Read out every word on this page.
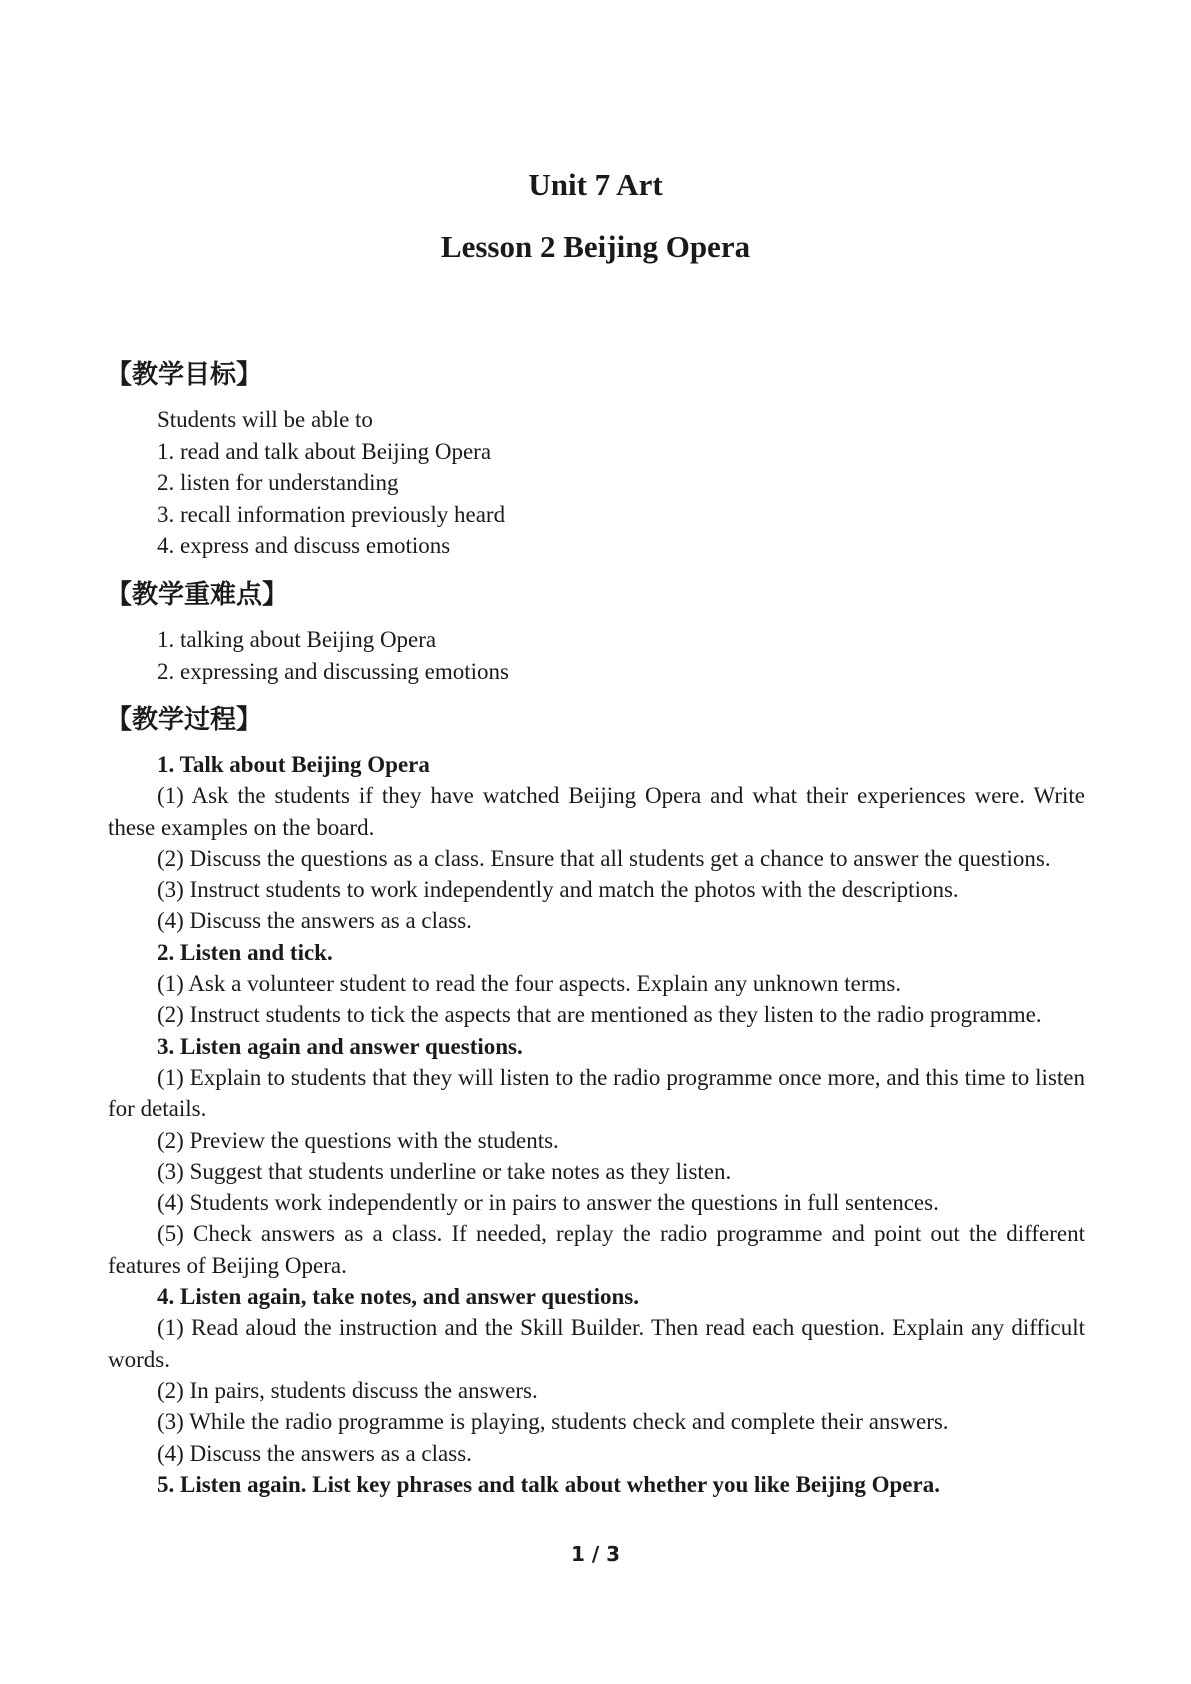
Unit 7 Art
Lesson 2 Beijing Opera
【教学目标】
Students will be able to
1. read and talk about Beijing Opera
2. listen for understanding
3. recall information previously heard
4. express and discuss emotions
【教学重难点】
1. talking about Beijing Opera
2. expressing and discussing emotions
【教学过程】

1. Talk about Beijing Opera

(1) Ask the students if they have watched Beijing Opera and what their experiences were. Write these examples on the board.

(2) Discuss the questions as a class. Ensure that all students get a chance to answer the questions.

(3) Instruct students to work independently and match the photos with the descriptions.

(4) Discuss the answers as a class.

2. Listen and tick.

(1) Ask a volunteer student to read the four aspects. Explain any unknown terms.

(2) Instruct students to tick the aspects that are mentioned as they listen to the radio programme.

3. Listen again and answer questions.

(1) Explain to students that they will listen to the radio programme once more, and this time to listen for details.

(2) Preview the questions with the students.

(3) Suggest that students underline or take notes as they listen.

(4) Students work independently or in pairs to answer the questions in full sentences.

(5) Check answers as a class. If needed, replay the radio programme and point out the different features of Beijing Opera.

4. Listen again, take notes, and answer questions.

(1) Read aloud the instruction and the Skill Builder. Then read each question. Explain any difficult words.

(2) In pairs, students discuss the answers.

(3) While the radio programme is playing, students check and complete their answers.

(4) Discuss the answers as a class.

5. Listen again. List key phrases and talk about whether you like Beijing Opera.

1 / 3
